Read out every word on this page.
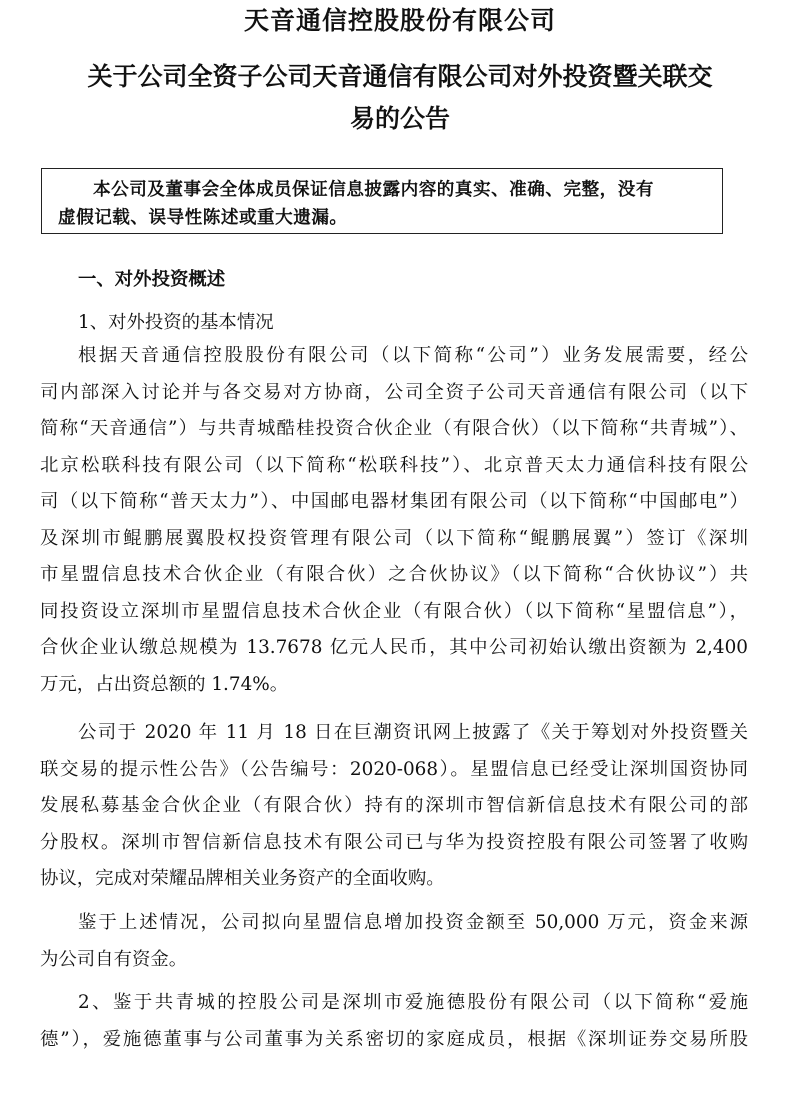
天音通信控股股份有限公司
关于公司全资子公司天音通信有限公司对外投资暨关联交
易的公告
本公司及董事会全体成员保证信息披露内容的真实、准确、完整，没有
虚假记载、误导性陈述或重大遗漏。
一、对外投资概述
1、对外投资的基本情况
根据天音通信控股股份有限公司（以下简称“公司”）业务发展需要，经公
司内部深入讨论并与各交易对方协商，公司全资子公司天音通信有限公司（以下
简称“天音通信”）与共青城酷桂投资合伙企业（有限合伙）（以下简称“共青城”）、
北京松联科技有限公司（以下简称“松联科技”）、北京普天太力通信科技有限公
司（以下简称“普天太力”）、中国邮电器材集团有限公司（以下简称“中国邮电”）
及深圳市鲲鹏展翼股权投资管理有限公司（以下简称“鲲鹏展翼”）签订《深圳
市星盟信息技术合伙企业（有限合伙）之合伙协议》（以下简称“合伙协议”）共
同投资设立深圳市星盟信息技术合伙企业（有限合伙）（以下简称“星盟信息”），
合伙企业认缴总规模为 13.7678 亿元人民币，其中公司初始认缴出资额为 2,400
万元，占出资总额的 1.74%。
公司于 2020 年 11 月 18 日在巨潮资讯网上披露了《关于筹划对外投资暨关
联交易的提示性公告》（公告编号：2020-068）。星盟信息已经受让深圳国资协同
发展私募基金合伙企业（有限合伙）持有的深圳市智信新信息技术有限公司的部
分股权。深圳市智信新信息技术有限公司已与华为投资控股有限公司签署了收购
协议，完成对荣耀品牌相关业务资产的全面收购。
鉴于上述情况，公司拟向星盟信息增加投资金额至 50,000 万元，资金来源
为公司自有资金。
2、鉴于共青城的控股公司是深圳市爱施德股份有限公司（以下简称“爱施
德”），爱施德董事与公司董事为关系密切的家庭成员，根据《深圳证券交易所股
